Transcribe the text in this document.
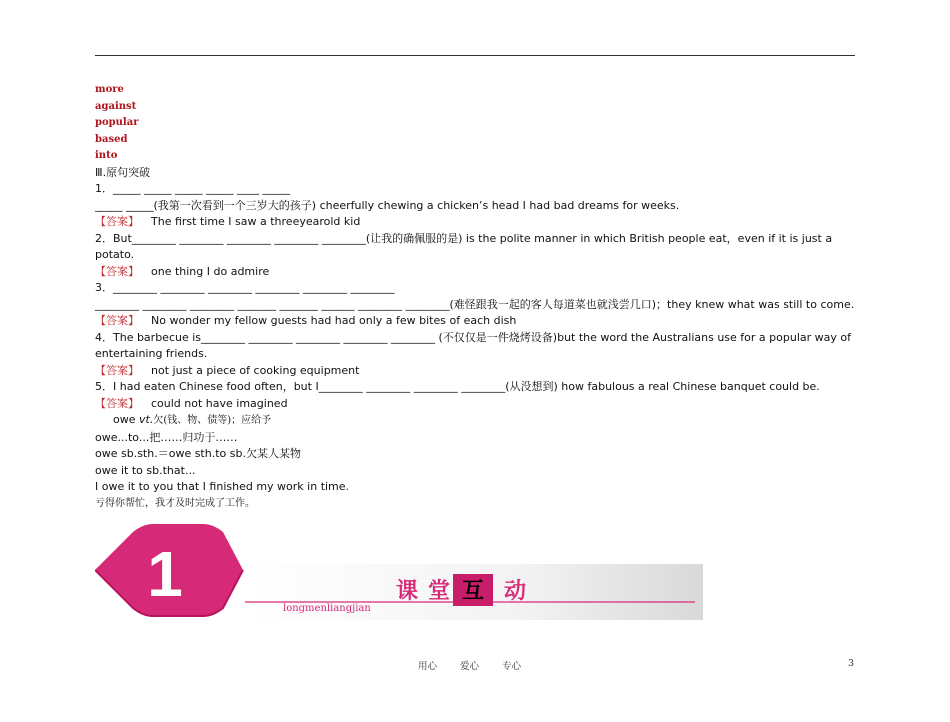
more
against
popular
based
into
Ⅲ.原句突破
1．_____ _____ _____ _____ ____ _____
_____ _____(我第一次看到一个三岁大的孩子) cheerfully chewing a chicken’s head I had bad dreams for weeks.
【答案】 The first time I saw a threeyearold kid
2．But________ ________ ________ ________ ________(让我的确佩服的是) is the polite manner in which British people eat，even if it is just a potato.
【答案】 one thing I do admire
3．________ ________ ________ ________ ________ ________
________ ________ ________ _______ _______ ______ ________ ________(难怪跟我一起的客人每道菜也就浅尝几口)；they knew what was still to come.
【答案】 No wonder my fellow guests had had only a few bites of each dish
4．The barbecue is________ ________ ________ ________ ________ (不仅仅是一件烧烤设备)but the word the Australians use for a popular way of entertaining friends.
【答案】 not just a piece of cooking equipment
5．I had eaten Chinese food often，but I________ ________ ________ ________(从没想到) how fabulous a real Chinese banquet could be.
【答案】 could not have imagined
owe vt.欠(钱、物、债等)；应给予
owe...to...把……归功于……
owe sb.sth.＝owe sth.to sb.欠某人某物
owe it to sb.that...
I owe it to you that I finished my work in time.
亏得你帮忙，我才及时完成了工作。
1	课 堂 互 动
longmenliangjian
用心 爱心 专心	3
